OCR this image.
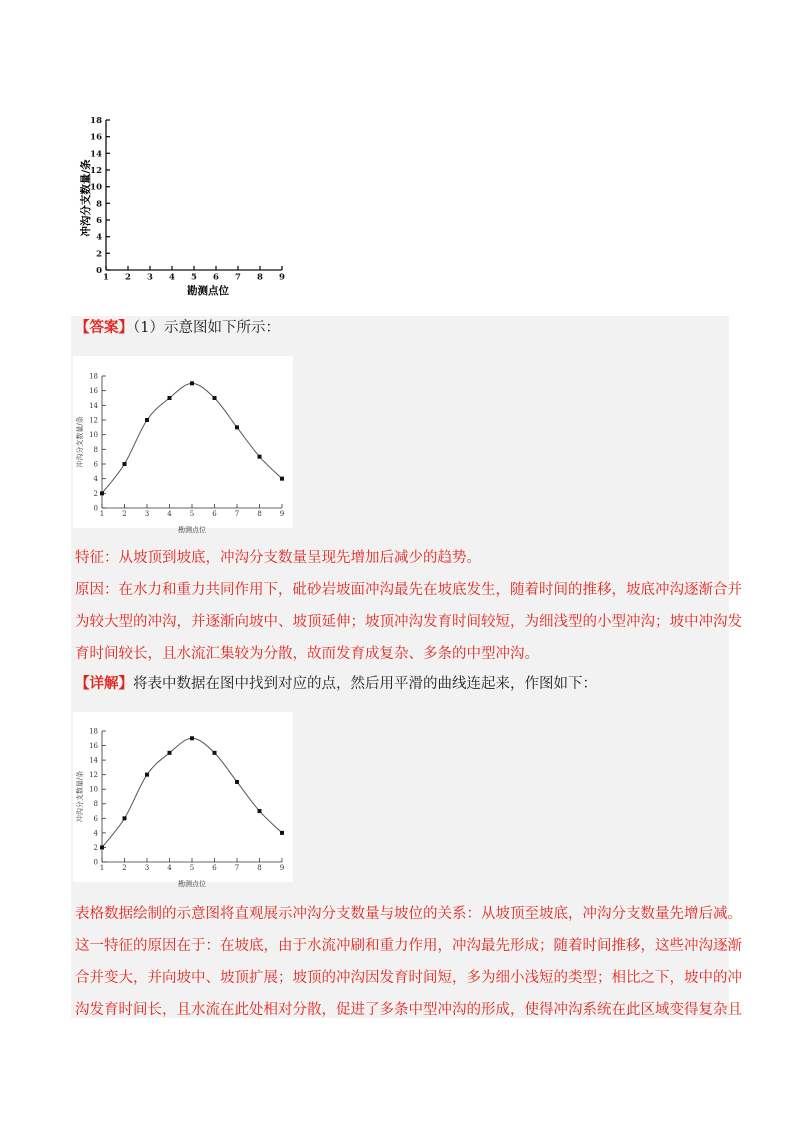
冲沟分支数量/条
勘测点位
0
2
4
6
8
10
12
14
16
18
1 2 3 4 5 6 7 8 9
【答案】（1）示意图如下所示：
0
2
4
6
8
10
12
14
16
18
1	2	3	4	5	6	7	8	9
冲沟分支数量/条
勘测点位
特征：从坡顶到坡底，冲沟分支数量呈现先增加后减少的趋势。
原因：在水力和重力共同作用下，砒砂岩坡面冲沟最先在坡底发生，随着时间的推移，坡底冲沟逐渐合并
为较大型的冲沟，并逐渐向坡中、坡顶延伸；坡顶冲沟发育时间较短，为细浅型的小型冲沟；坡中冲沟发
育时间较长，且水流汇集较为分散，故而发育成复杂、多条的中型冲沟。
【详解】将表中数据在图中找到对应的点，然后用平滑的曲线连起来，作图如下：
0
2
4
6
8
10
12
14
16
18
1	2	3	4	5	6	7	8	9
冲沟分支数量/条
勘测点位
表格数据绘制的示意图将直观展示冲沟分支数量与坡位的关系：从坡顶至坡底，冲沟分支数量先增后减。
这一特征的原因在于：在坡底，由于水流冲刷和重力作用，冲沟最先形成；随着时间推移，这些冲沟逐渐
合并变大，并向坡中、坡顶扩展；坡顶的冲沟因发育时间短，多为细小浅短的类型；相比之下，坡中的冲
沟发育时间长，且水流在此处相对分散，促进了多条中型冲沟的形成，使得冲沟系统在此区域变得复杂且
